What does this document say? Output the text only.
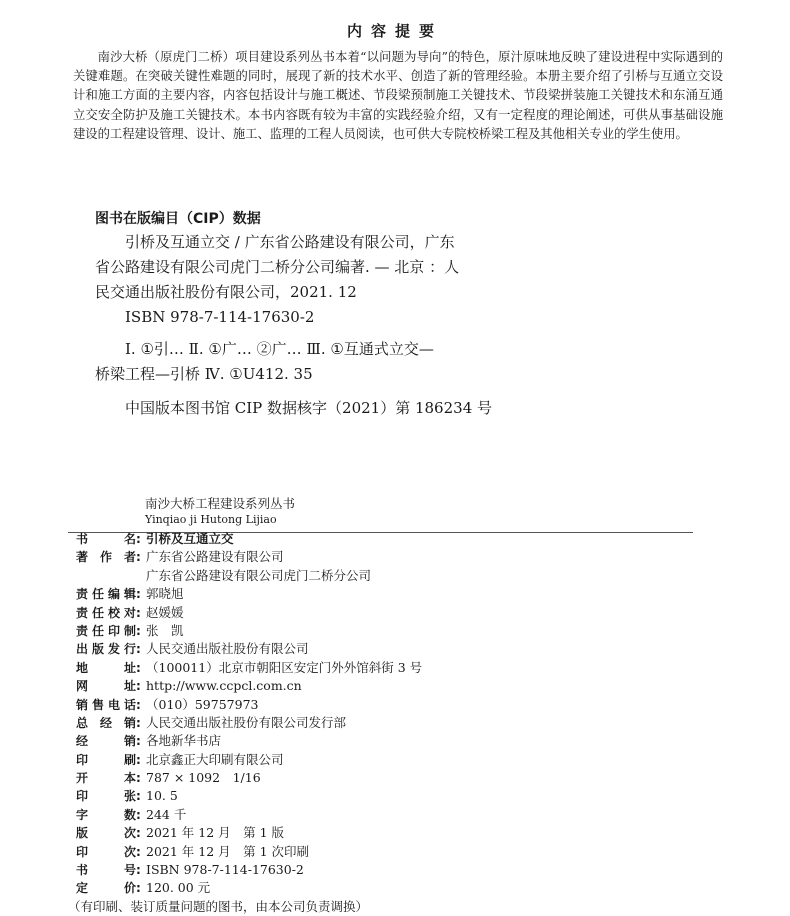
内容提要

南沙大桥（原虎门二桥）项目建设系列丛书本着“以问题为导向”的特色，原汁原味地反映了建设进程中实际遇到的关键难题。在突破关键性难题的同时，展现了新的技术水平、创造了新的管理经验。本册主要介绍了引桥与互通立交设计和施工方面的主要内容，内容包括设计与施工概述、节段梁预制施工关键技术、节段梁拼装施工关键技术和东涌互通立交安全防护及施工关键技术。本书内容既有较为丰富的实践经验介绍，又有一定程度的理论阐述，可供从事基础设施建设的工程建设管理、设计、施工、监理的工程人员阅读，也可供大专院校桥梁工程及其他相关专业的学生使用。

图书在版编目（CIP）数据
引桥及互通立交 / 广东省公路建设有限公司，广东
省公路建设有限公司虎门二桥分公司编著. — 北京 ：人
民交通出版社股份有限公司，2021. 12
ISBN 978-7-114-17630-2
Ⅰ. ①引… Ⅱ. ①广… ②广… Ⅲ. ①互通式立交—
桥梁工程—引桥 Ⅳ. ①U412. 35
中国版本图书馆 CIP 数据核字（2021）第 186234 号
南沙大桥工程建设系列丛书
Yinqiao ji Hutong Lijiao
书名 : 引桥及互通立交
著作者 : 广东省公路建设有限公司
广东省公路建设有限公司虎门二桥分公司
责任编辑 : 郭晓旭
责任校对 : 赵媛媛
责任印制 : 张　凯
出版发行 : 人民交通出版社股份有限公司
地址 : （100011）北京市朝阳区安定门外外馆斜街 3 号
网址 : http://www.ccpcl.com.cn
销售电话 : （010）59757973
总经销 : 人民交通出版社股份有限公司发行部
经销 : 各地新华书店
印刷 : 北京鑫正大印刷有限公司
开本 : 787 × 1092　1/16
印张 : 10. 5
字数 : 244 千
版次 : 2021 年 12 月　第 1 版
印次 : 2021 年 12 月　第 1 次印刷
书号 : ISBN 978-7-114-17630-2
定价 : 120. 00 元
（有印刷、装订质量问题的图书，由本公司负责调换）
